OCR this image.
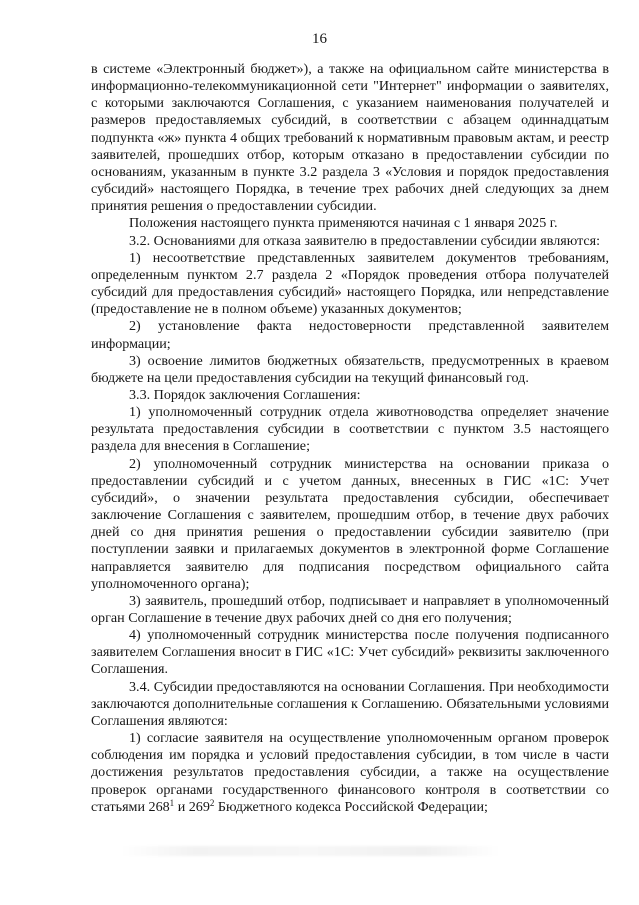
16

в системе «Электронный бюджет»), а также на официальном сайте министерства в информационно-телекоммуникационной сети "Интернет" информации о заявителях, с которыми заключаются Соглашения, с указанием наименования получателей и размеров предоставляемых субсидий, в соответствии с абзацем одиннадцатым подпункта «ж» пункта 4 общих требований к нормативным правовым актам, и реестр заявителей, прошедших отбор, которым отказано в предоставлении субсидии по основаниям, указанным в пункте 3.2 раздела 3 «Условия и порядок предоставления субсидий» настоящего Порядка, в течение трех рабочих дней следующих за днем принятия решения о предоставлении субсидии.

Положения настоящего пункта применяются начиная с 1 января 2025 г.

3.2. Основаниями для отказа заявителю в предоставлении субсидии являются:

1) несоответствие представленных заявителем документов требованиям, определенным пунктом 2.7 раздела 2 «Порядок проведения отбора получателей субсидий для предоставления субсидий» настоящего Порядка, или непредставление (предоставление не в полном объеме) указанных документов;

2) установление факта недостоверности представленной заявителем информации;

3) освоение лимитов бюджетных обязательств, предусмотренных в краевом бюджете на цели предоставления субсидии на текущий финансовый год.

3.3. Порядок заключения Соглашения:

1) уполномоченный сотрудник отдела животноводства определяет значение результата предоставления субсидии в соответствии с пунктом 3.5 настоящего раздела для внесения в Соглашение;

2) уполномоченный сотрудник министерства на основании приказа о предоставлении субсидий и с учетом данных, внесенных в ГИС «1С: Учет субсидий», о значении результата предоставления субсидии, обеспечивает заключение Соглашения с заявителем, прошедшим отбор, в течение двух рабочих дней со дня принятия решения о предоставлении субсидии заявителю (при поступлении заявки и прилагаемых документов в электронной форме Соглашение направляется заявителю для подписания посредством официального сайта уполномоченного органа);

3) заявитель, прошедший отбор, подписывает и направляет в уполномоченный орган Соглашение в течение двух рабочих дней со дня его получения;

4) уполномоченный сотрудник министерства после получения подписанного заявителем Соглашения вносит в ГИС «1С: Учет субсидий» реквизиты заключенного Соглашения.

3.4. Субсидии предоставляются на основании Соглашения. При необходимости заключаются дополнительные соглашения к Соглашению. Обязательными условиями Соглашения являются:

1) согласие заявителя на осуществление уполномоченным органом проверок соблюдения им порядка и условий предоставления субсидии, в том числе в части достижения результатов предоставления субсидии, а также на осуществление проверок органами государственного финансового контроля в соответствии со статьями $268^1$ и $269^2$ Бюджетного кодекса Российской Федерации;
